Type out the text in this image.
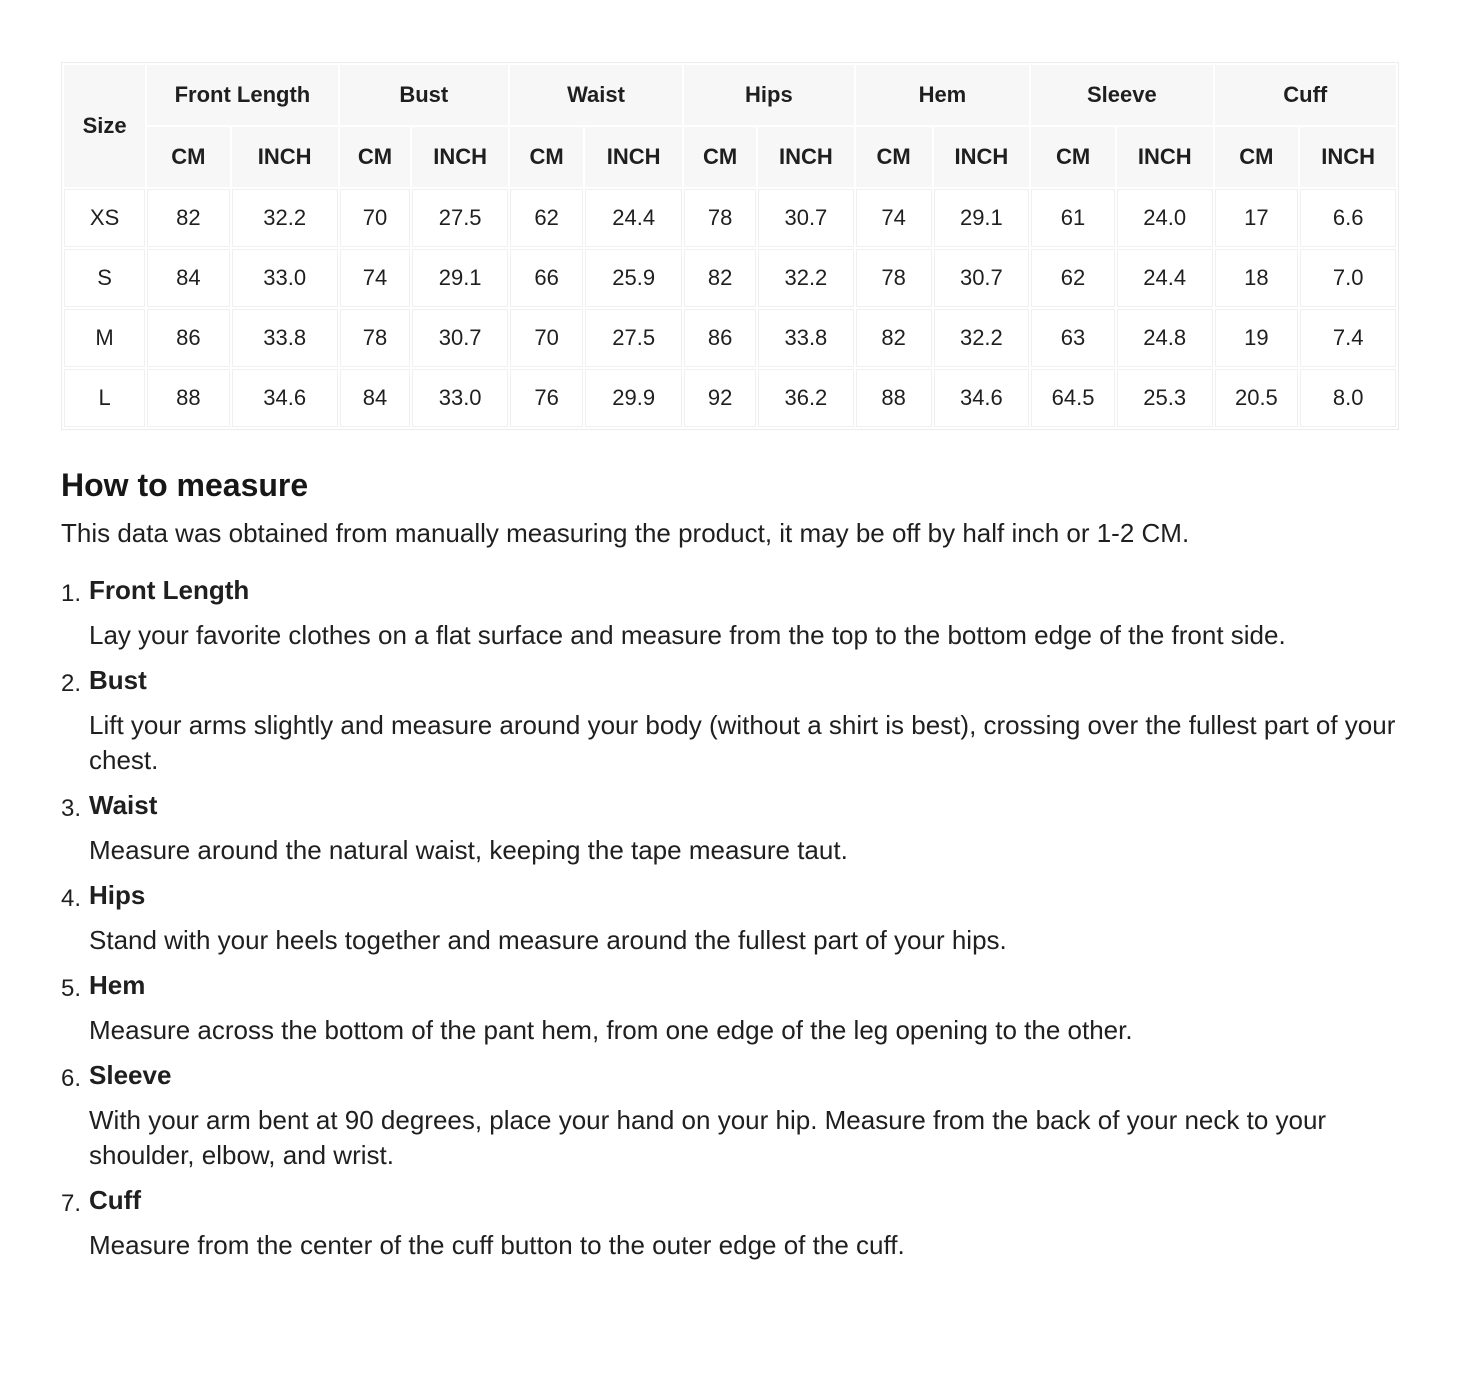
Size	Front Length		Bust		Waist		Hips		Hem		Sleeve		Cuff	
	CM	INCH	CM	INCH	CM	INCH	CM	INCH	CM	INCH	CM	INCH	CM	INCH
XS	82	32.2	70	27.5	62	24.4	78	30.7	74	29.1	61	24.0	17	6.6
S	84	33.0	74	29.1	66	25.9	82	32.2	78	30.7	62	24.4	18	7.0
M	86	33.8	78	30.7	70	27.5	86	33.8	82	32.2	63	24.8	19	7.4
L	88	34.6	84	33.0	76	29.9	92	36.2	88	34.6	64.5	25.3	20.5	8.0
How to measure

This data was obtained from manually measuring the product, it may be off by half inch or 1-2 CM.

1. Front Length

Lay your favorite clothes on a flat surface and measure from the top to the bottom edge of the front side.

2. Bust

Lift your arms slightly and measure around your body (without a shirt is best), crossing over the fullest part of your chest.

3. Waist

Measure around the natural waist, keeping the tape measure taut.

4. Hips

Stand with your heels together and measure around the fullest part of your hips.

5. Hem

Measure across the bottom of the pant hem, from one edge of the leg opening to the other.

6. Sleeve

With your arm bent at 90 degrees, place your hand on your hip. Measure from the back of your neck to your shoulder, elbow, and wrist.

7. Cuff

Measure from the center of the cuff button to the outer edge of the cuff.
